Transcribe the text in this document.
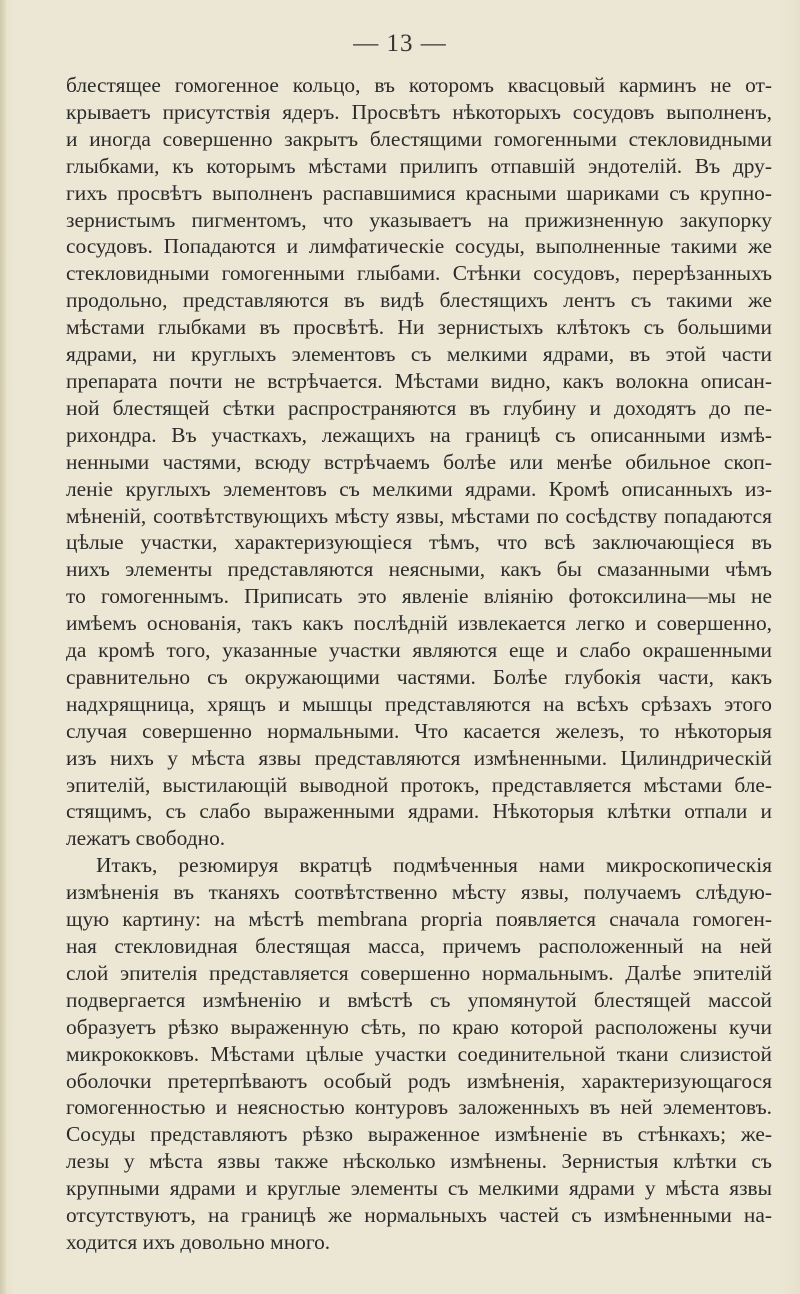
— 13 —
блестящее гомогенное кольцо, въ которомъ квасцовый карминъ не от-
крываетъ присутствія ядеръ. Просвѣтъ нѣкоторыхъ сосудовъ выполненъ,
и иногда совершенно закрытъ блестящими гомогенными стекловидными
глыбками, къ которымъ мѣстами прилипъ отпавшій эндотелій. Въ дру-
гихъ просвѣтъ выполненъ распавшимися красными шариками съ крупно-
зернистымъ пигментомъ, что указываетъ на прижизненную закупорку
сосудовъ. Попадаются и лимфатическіе сосуды, выполненные такими же
стекловидными гомогенными глыбами. Стѣнки сосудовъ, перерѣзанныхъ
продольно, представляются въ видѣ блестящихъ лентъ съ такими же
мѣстами глыбками въ просвѣтѣ. Ни зернистыхъ клѣтокъ съ большими
ядрами, ни круглыхъ элементовъ съ мелкими ядрами, въ этой части
препарата почти не встрѣчается. Мѣстами видно, какъ волокна описан-
ной блестящей сѣтки распространяются въ глубину и доходятъ до пе-
рихондра. Въ участкахъ, лежащихъ на границѣ съ описанными измѣ-
ненными частями, всюду встрѣчаемъ болѣе или менѣе обильное скоп-
леніе круглыхъ элементовъ съ мелкими ядрами. Кромѣ описанныхъ из-
мѣненій, соотвѣтствующихъ мѣсту язвы, мѣстами по сосѣдству попадаются
цѣлые участки, характеризующіеся тѣмъ, что всѣ заключающіеся въ
нихъ элементы представляются неясными, какъ бы смазанными чѣмъ
то гомогеннымъ. Приписать это явленіе вліянію фотоксилина—мы не
имѣемъ основанія, такъ какъ послѣдній извлекается легко и совершенно,
да кромѣ того, указанные участки являются еще и слабо окрашенными
сравнительно съ окружающими частями. Болѣе глубокія части, какъ
надхрящница, хрящъ и мышцы представляются на всѣхъ срѣзахъ этого
случая совершенно нормальными. Что касается железъ, то нѣкоторыя
изъ нихъ у мѣста язвы представляются измѣненными. Цилиндрическій
эпителій, выстилающій выводной протокъ, представляется мѣстами бле-
стящимъ, съ слабо выраженными ядрами. Нѣкоторыя клѣтки отпали и
лежатъ свободно.
Итакъ, резюмируя вкратцѣ подмѣченныя нами микроскопическія
измѣненія въ тканяхъ соотвѣтственно мѣсту язвы, получаемъ слѣдую-
щую картину: на мѣстѣ membrana propria появляется сначала гомоген-
ная стекловидная блестящая масса, причемъ расположенный на ней
слой эпителія представляется совершенно нормальнымъ. Далѣе эпителій
подвергается измѣненію и вмѣстѣ съ упомянутой блестящей массой
образуетъ рѣзко выраженную сѣть, по краю которой расположены кучи
микрококковъ. Мѣстами цѣлые участки соединительной ткани слизистой
оболочки претерпѣваютъ особый родъ измѣненія, характеризующагося
гомогенностью и неясностью контуровъ заложенныхъ въ ней элементовъ.
Сосуды представляютъ рѣзко выраженное измѣненіе въ стѣнкахъ; же-
лезы у мѣста язвы также нѣсколько измѣнены. Зернистыя клѣтки съ
крупными ядрами и круглые элементы съ мелкими ядрами у мѣста язвы
отсутствуютъ, на границѣ же нормальныхъ частей съ измѣненными на-
ходится ихъ довольно много.
